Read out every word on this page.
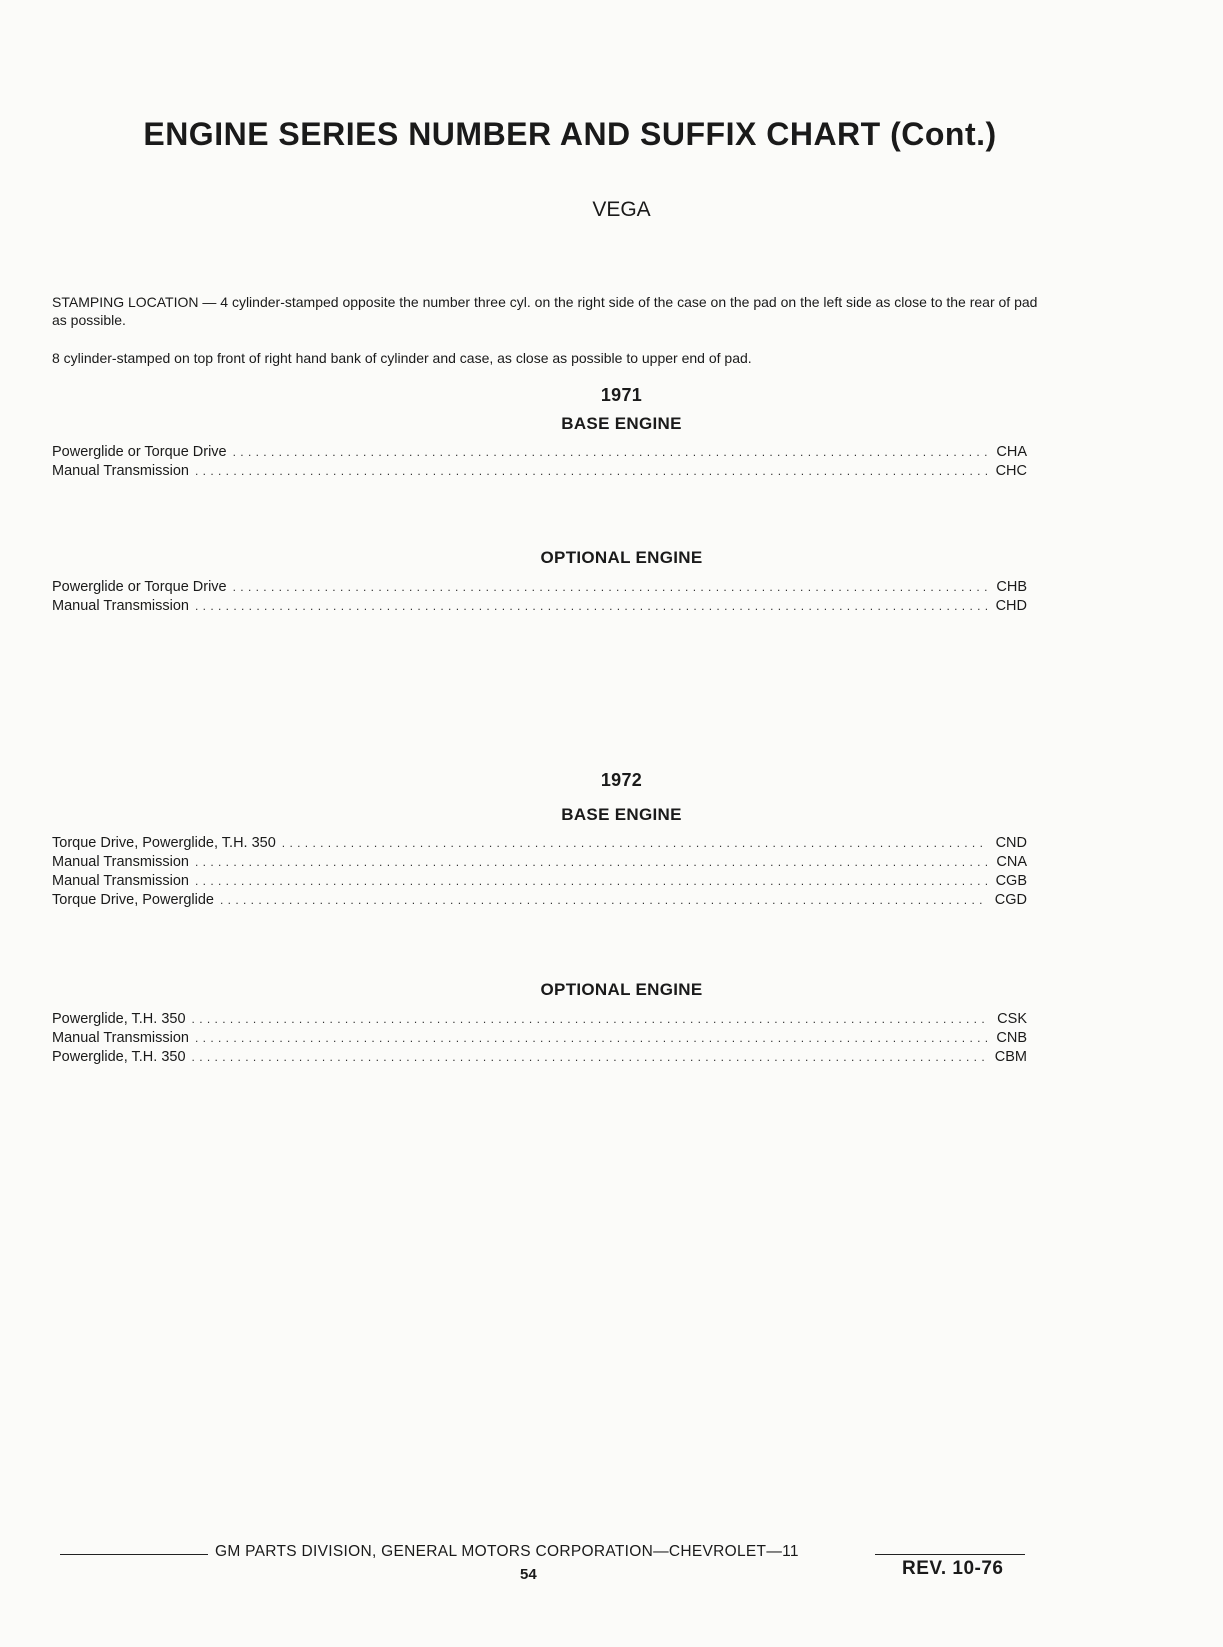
ENGINE SERIES NUMBER AND SUFFIX CHART (Cont.)
VEGA
STAMPING LOCATION — 4 cylinder-stamped opposite the number three cyl. on the right side of the case on the pad on the left side as close to the rear of pad as possible.
8 cylinder-stamped on top front of right hand bank of cylinder and case, as close as possible to upper end of pad.
1971
BASE ENGINE
Powerglide or Torque Drive . . .	CHA
Manual Transmission . . .	CHC
OPTIONAL ENGINE
Powerglide or Torque Drive . . .	CHB
Manual Transmission . . .	CHD
1972
BASE ENGINE
Torque Drive, Powerglide, T.H. 350 . . .	CND
Manual Transmission . . .	CNA
Manual Transmission . . .	CGB
Torque Drive, Powerglide . . .	CGD
OPTIONAL ENGINE
Powerglide, T.H. 350 . . .	CSK
Manual Transmission . . .	CNB
Powerglide, T.H. 350 . . .	CBM
GM PARTS DIVISION, GENERAL MOTORS CORPORATION—CHEVROLET—11
54	REV. 10-76
